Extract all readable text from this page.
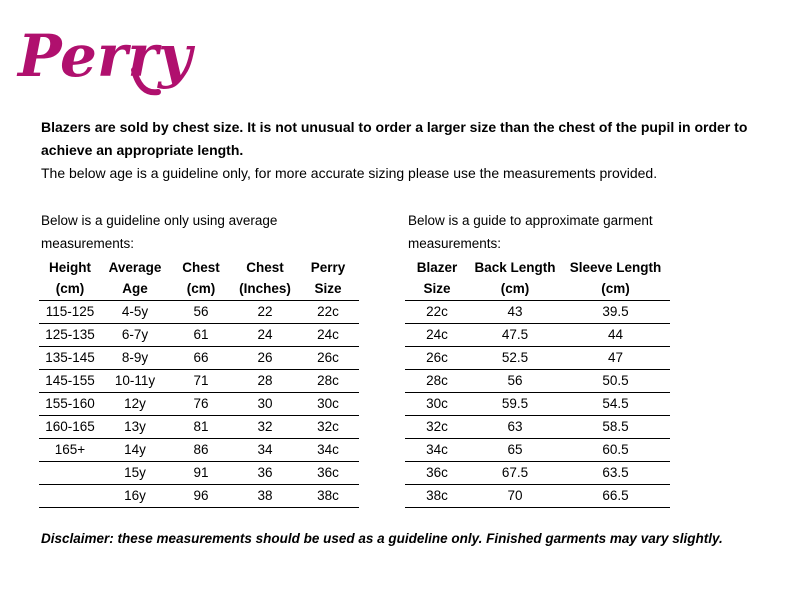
Perry
Blazers are sold by chest size. It is not unusual to order a larger size than the chest of the pupil in order to achieve an appropriate length.
The below age is a guideline only, for more accurate sizing please use the measurements provided.
Below is a guideline only using average measurements:
Below is a guide to approximate garment measurements:
Height	Average	Chest	Chest	Perry
(cm)	Age	(cm)	(Inches)	Size
115-125	4-5y	56	22	22c
125-135	6-7y	61	24	24c
135-145	8-9y	66	26	26c
145-155	10-11y	71	28	28c
155-160	12y	76	30	30c
160-165	13y	81	32	32c
165+	14y	86	34	34c
	15y	91	36	36c
	16y	96	38	38c
Blazer	Back Length	Sleeve Length
Size	(cm)	(cm)
22c	43	39.5
24c	47.5	44
26c	52.5	47
28c	56	50.5
30c	59.5	54.5
32c	63	58.5
34c	65	60.5
36c	67.5	63.5
38c	70	66.5
Disclaimer: these measurements should be used as a guideline only. Finished garments may vary slightly.
